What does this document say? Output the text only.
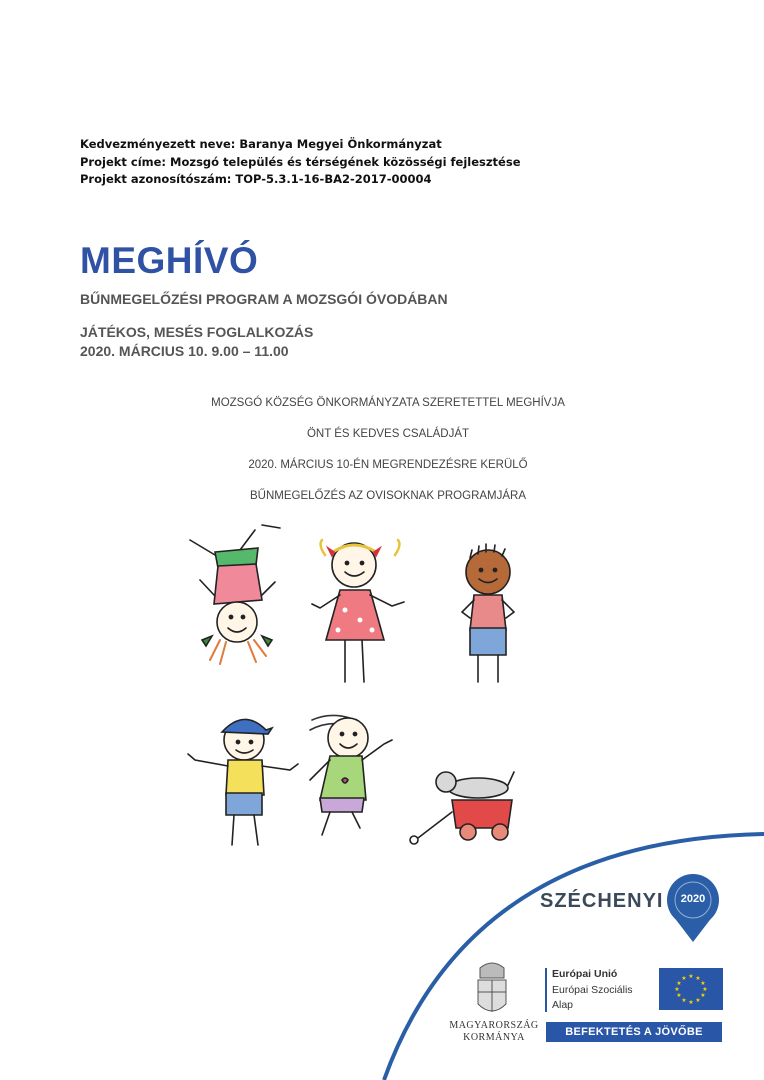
Kedvezményezett neve: Baranya Megyei Önkormányzat
Projekt címe: Mozsgó település és térségének közösségi fejlesztése
Projekt azonosítószám: TOP-5.3.1-16-BA2-2017-00004
MEGHÍVÓ
BŰNMEGELŐZÉSI PROGRAM A MOZSGÓI ÓVODÁBAN
JÁTÉKOS, MESÉS FOGLALKOZÁS
2020. MÁRCIUS 10. 9.00 – 11.00
MOZSGÓ KÖZSÉG ÖNKORMÁNYZATA SZERETETTEL MEGHÍVJA
ÖNT ÉS KEDVES CSALÁDJÁT
2020. MÁRCIUS 10-ÉN MEGRENDEZÉSRE KERÜLŐ
BŰNMEGELŐZÉS AZ OVISOKNAK PROGRAMJÁRA
★ ★
★
★
★
★
★
★
★
★
★
★
SZÉCHENYI	2020
MAGYARORSZÁG
KORMÁNYA
Európai Unió
Európai Szociális
Alap
BEFEKTETÉS A JÖVŐBE
